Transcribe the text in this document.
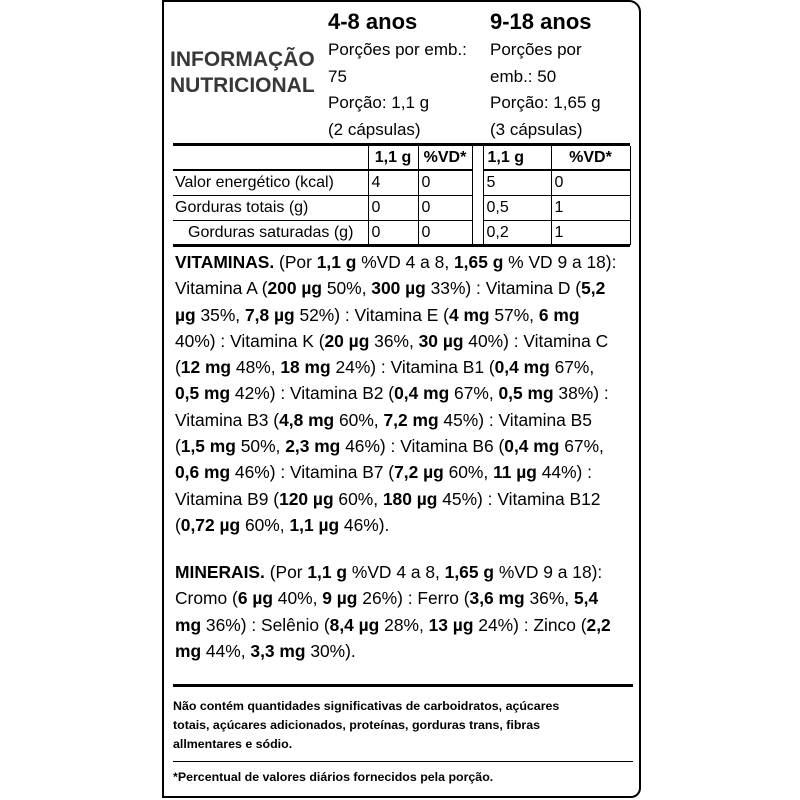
4-8 anos	9-18 anos
INFORMAÇÃO
NUTRICIONAL
Porções por emb.:
75
Porção: 1,1 g
(2 cápsulas)
Porções por
emb.: 50
Porção: 1,65 g
(3 cápsulas)
	1,1 g	%VD*		1,1 g	%VD*
Valor energético (kcal)	4	0		5	0
Gorduras totais (g)	0	0		0,5	1
Gorduras saturadas (g)	0	0		0,2	1
VITAMINAS. (Por 1,1 g %VD 4 a 8, 1,65 g % VD 9 a 18):
Vitamina A (200 µg 50%, 300 µg 33%) : Vitamina D (5,2
µg 35%, 7,8 µg 52%) : Vitamina E (4 mg 57%, 6 mg
40%) : Vitamina K (20 µg 36%, 30 µg 40%) : Vitamina C
(12 mg 48%, 18 mg 24%) : Vitamina B1 (0,4 mg 67%,
0,5 mg 42%) : Vitamina B2 (0,4 mg 67%, 0,5 mg 38%) :
Vitamina B3 (4,8 mg 60%, 7,2 mg 45%) : Vitamina B5
(1,5 mg 50%, 2,3 mg 46%) : Vitamina B6 (0,4 mg 67%,
0,6 mg 46%) : Vitamina B7 (7,2 µg 60%, 11 µg 44%) :
Vitamina B9 (120 µg 60%, 180 µg 45%) : Vitamina B12
(0,72 µg 60%, 1,1 µg 46%).
MINERAIS. (Por 1,1 g %VD 4 a 8, 1,65 g %VD 9 a 18):
Cromo (6 µg 40%, 9 µg 26%) : Ferro (3,6 mg 36%, 5,4
mg 36%) : Selênio (8,4 µg 28%, 13 µg 24%) : Zinco (2,2
mg 44%, 3,3 mg 30%).
Não contém quantidades significativas de carboidratos, açúcares
totais, açúcares adicionados, proteínas, gorduras trans, fibras
allmentares e sódio.
*Percentual de valores diários fornecidos pela porção.
